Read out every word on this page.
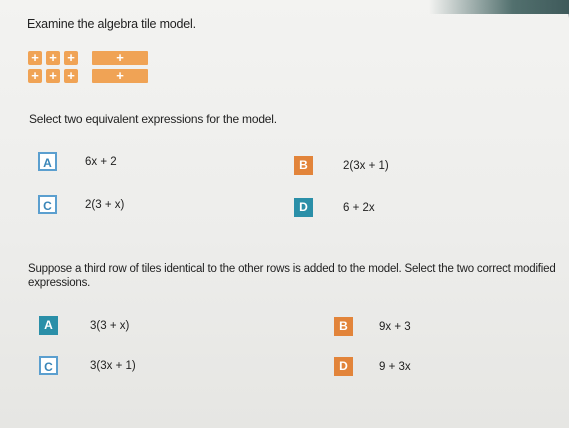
Examine the algebra tile model.
+ + +	+
+ + +	+
Select two equivalent expressions for the model.
A	6x + 2	B	2(3x + 1)
C	2(3 + x)	D	6 + 2x
Suppose a third row of tiles identical to the other rows is added to the model. Select the two correct modified expressions.
A	3(3 + x)	B	9x + 3
C	3(3x + 1)	D	9 + 3x
